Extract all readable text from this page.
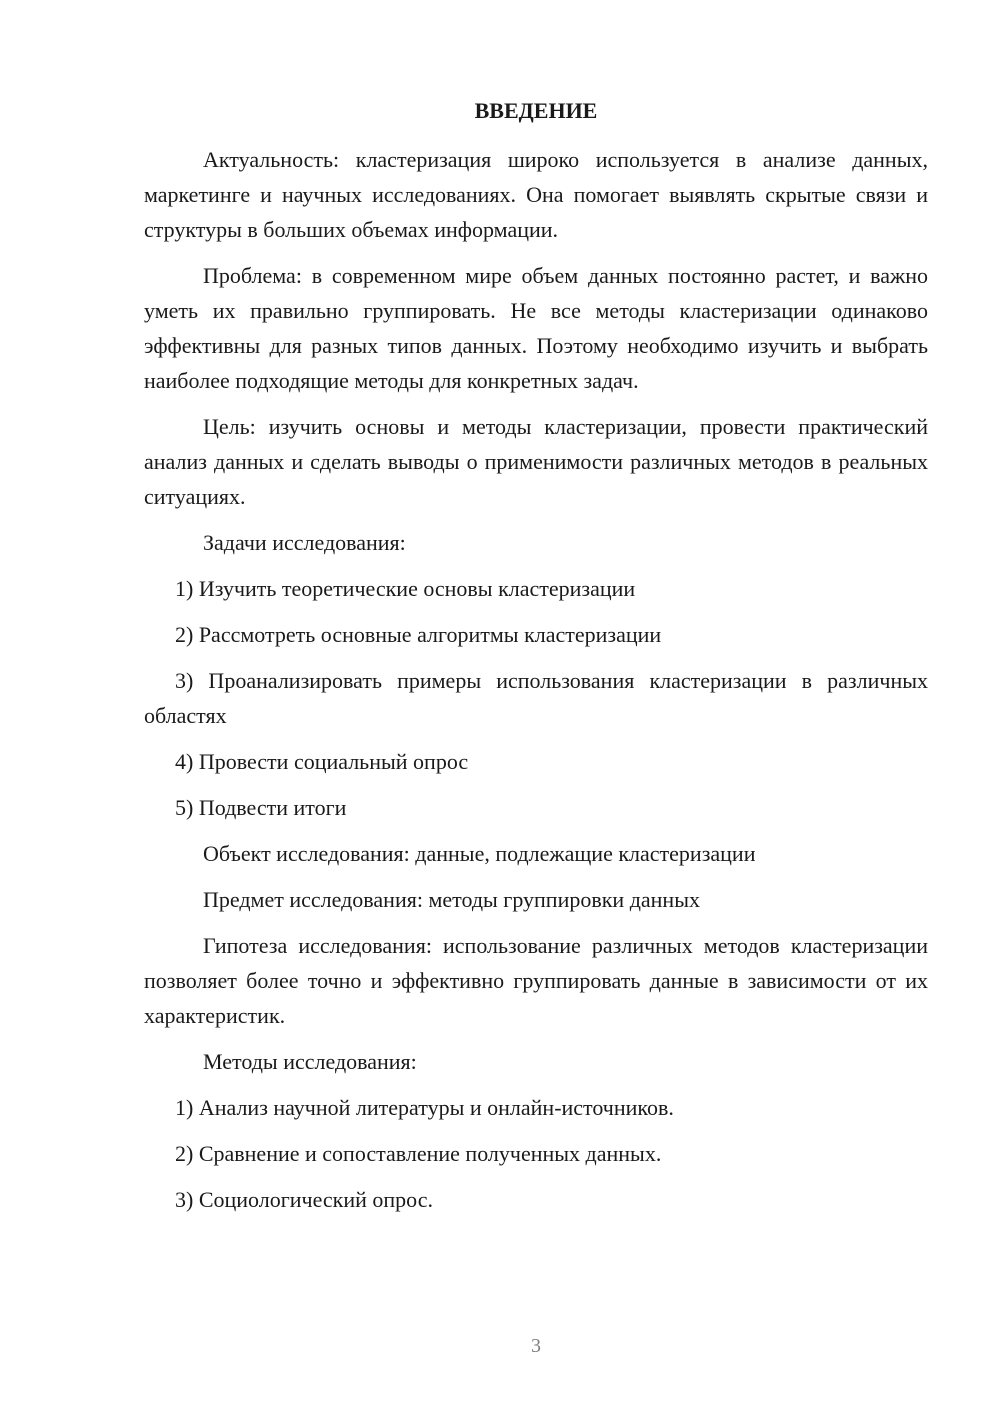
ВВЕДЕНИЕ

Актуальность: кластеризация широко используется в анализе данных, маркетинге и научных исследованиях. Она помогает выявлять скрытые связи и структуры в больших объемах информации.

Проблема: в современном мире объем данных постоянно растет, и важно уметь их правильно группировать. Не все методы кластеризации одинаково эффективны для разных типов данных. Поэтому необходимо изучить и выбрать наиболее подходящие методы для конкретных задач.

Цель: изучить основы и методы кластеризации, провести практический анализ данных и сделать выводы о применимости различных методов в реальных ситуациях.

Задачи исследования:

1) Изучить теоретические основы кластеризации

2) Рассмотреть основные алгоритмы кластеризации

3) Проанализировать примеры использования кластеризации в различных областях

4) Провести социальный опрос

5) Подвести итоги

Объект исследования: данные, подлежащие кластеризации

Предмет исследования: методы группировки данных

Гипотеза исследования: использование различных методов кластеризации позволяет более точно и эффективно группировать данные в зависимости от их характеристик.

Методы исследования:

1) Анализ научной литературы и онлайн-источников.

2) Сравнение и сопоставление полученных данных.

3) Социологический опрос.

3
